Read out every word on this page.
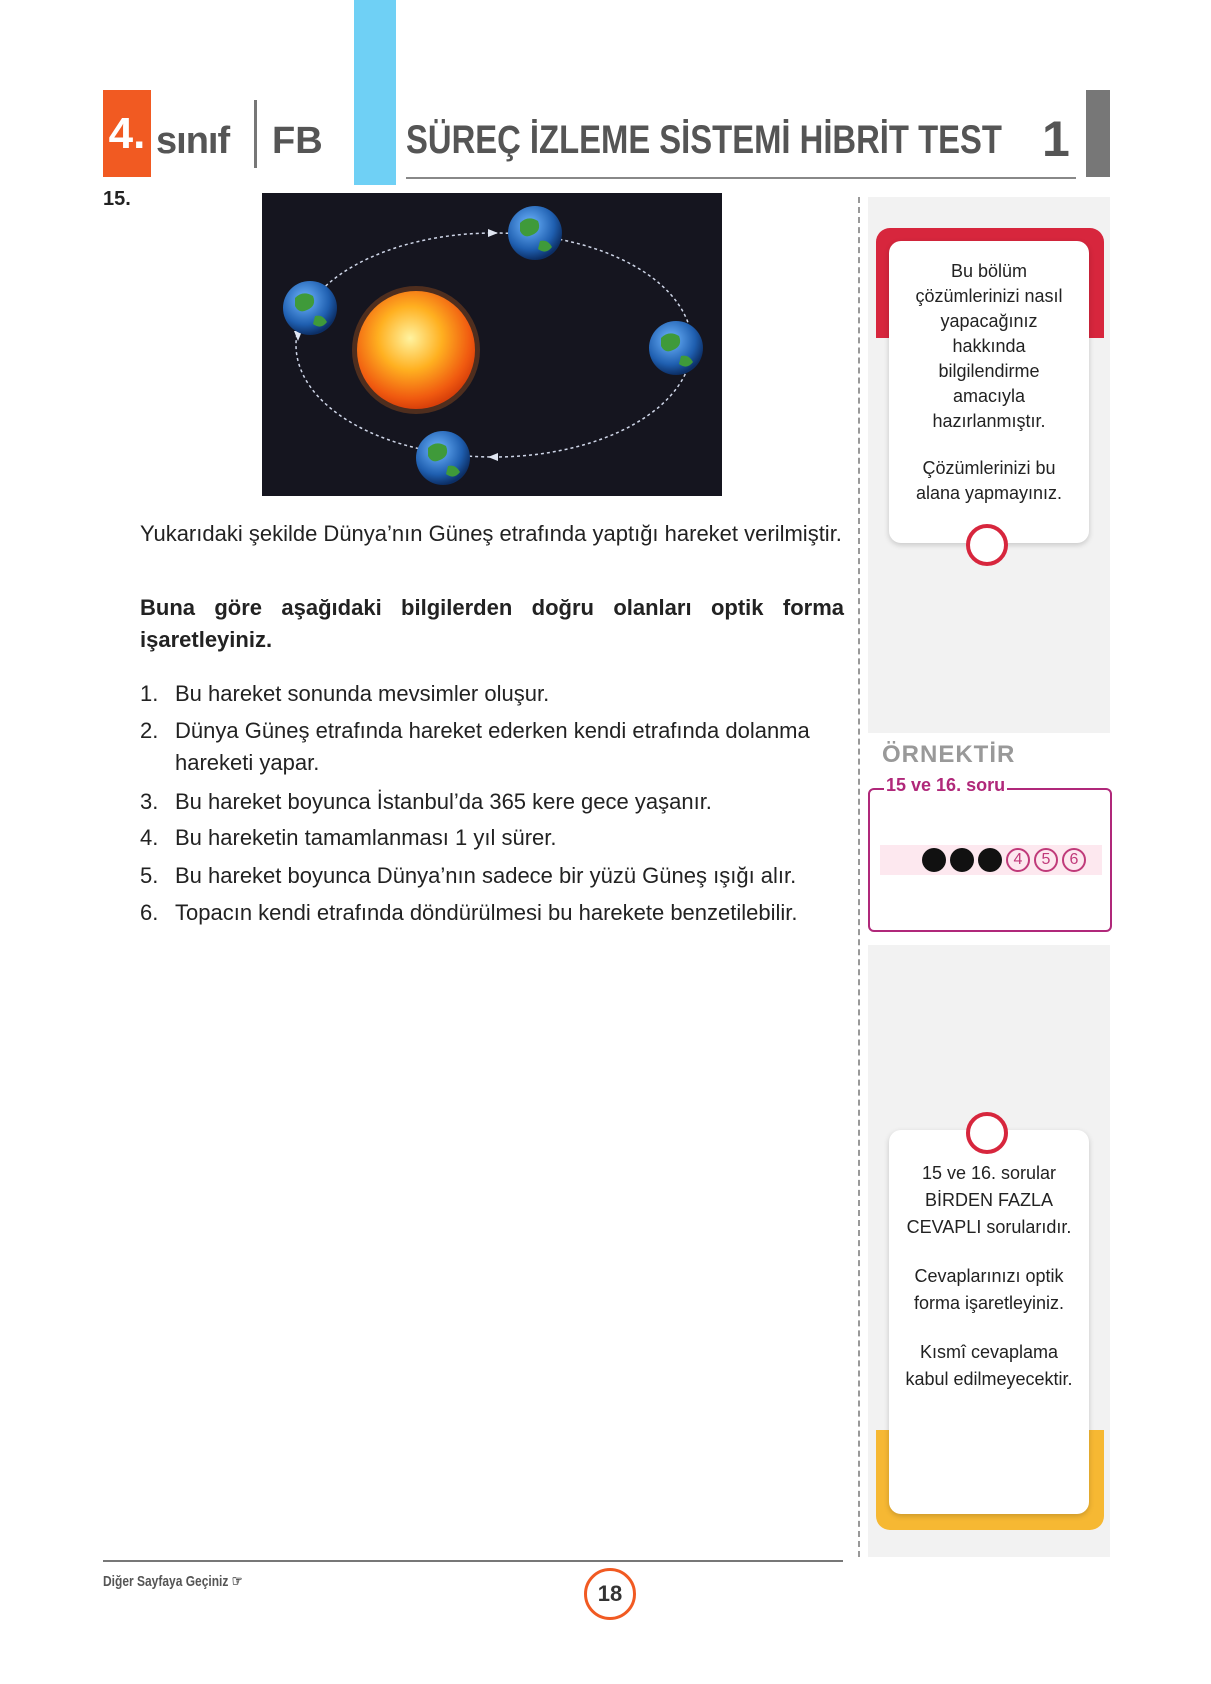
4. sınıf FB SÜREÇ İZLEME SİSTEMİ HİBRİT TEST 1
15.
Yukarıdaki şekilde Dünya’nın Güneş etrafında yaptığı hareket verilmiştir.
Buna göre aşağıdaki bilgilerden doğru olanları optik forma işaretleyiniz.
1. Bu hareket sonunda mevsimler oluşur.
2. Dünya Güneş etrafında hareket ederken kendi etrafında dolanma hareketi yapar.
3. Bu hareket boyunca İstanbul’da 365 kere gece yaşanır.
4. Bu hareketin tamamlanması 1 yıl sürer.
5. Bu hareket boyunca Dünya’nın sadece bir yüzü Güneş ışığı alır.
6. Topacın kendi etrafında döndürülmesi bu harekete benzetilebilir.
Bu bölüm çözümlerinizi nasıl yapacağınız hakkında bilgilendirme amacıyla hazırlanmıştır.
Çözümlerinizi bu alana yapmayınız.
ÖRNEKTİR
15 ve 16. soru
4	5	6
15 ve 16. sorular BİRDEN FAZLA CEVAPLI sorularıdır.
Cevaplarınızı optik forma işaretleyiniz.
Kısmî cevaplama kabul edilmeyecektir.
Diğer Sayfaya Geçiniz ☞	18
